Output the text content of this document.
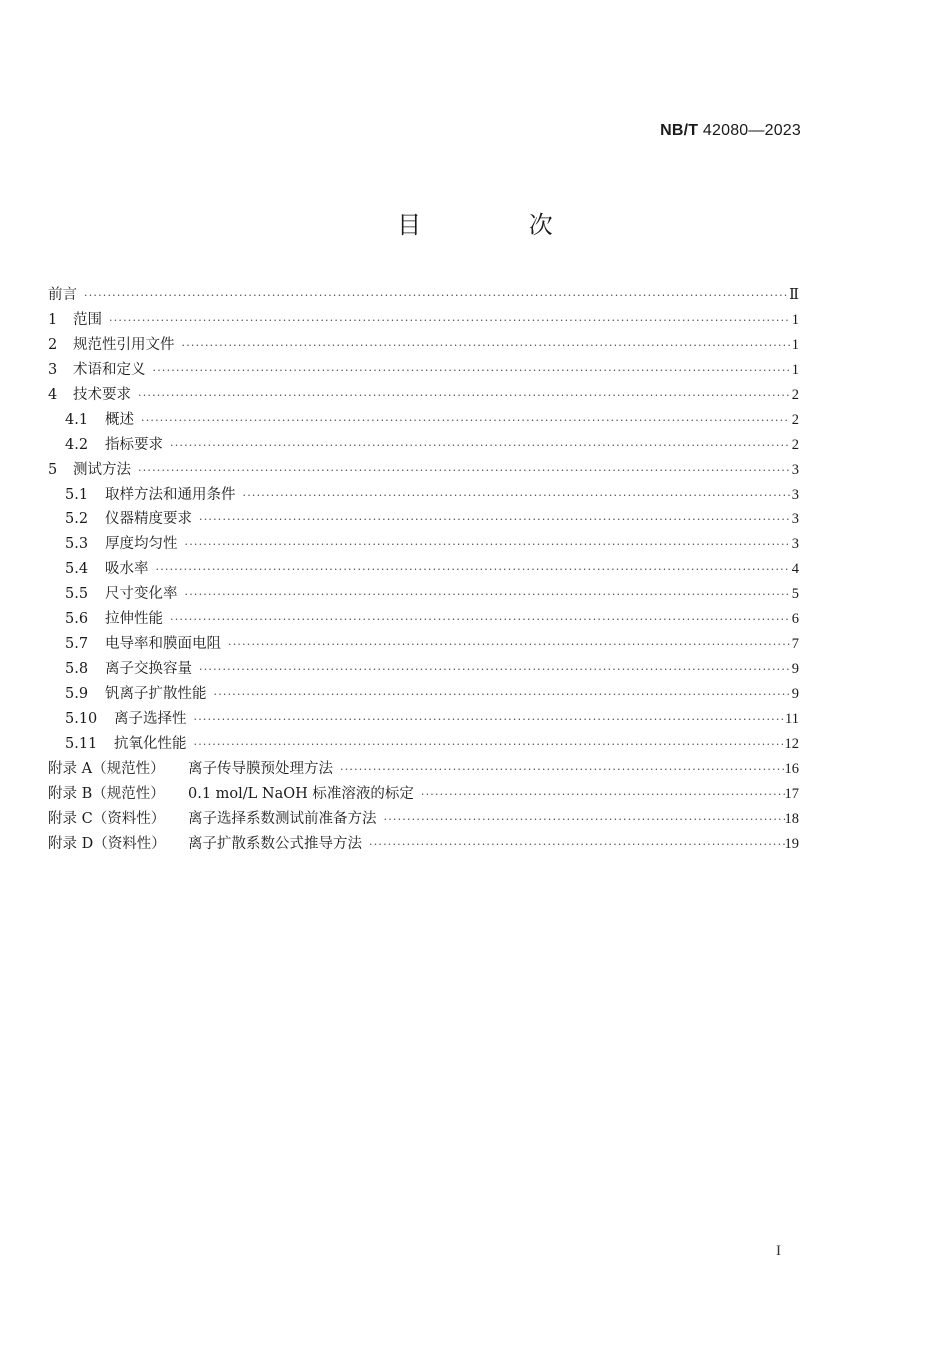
NB/T 42080—2023
目 次
前言 ·····	Ⅱ
1	范围 ·····	1
2	规范性引用文件 ·····	1
3	术语和定义 ·····	1
4	技术要求 ·····	2
4.1	概述 ·····	2
4.2	指标要求 ·····	2
5	测试方法 ·····	3
5.1	取样方法和通用条件 ·····	3
5.2	仪器精度要求 ·····	3
5.3	厚度均匀性 ·····	3
5.4	吸水率 ·····	4
5.5	尺寸变化率 ·····	5
5.6	拉伸性能 ·····	6
5.7	电导率和膜面电阻 ·····	7
5.8	离子交换容量 ·····	9
5.9	钒离子扩散性能 ·····	9
5.10	离子选择性 ·····	11
5.11	抗氧化性能 ·····	12
附录 A（规范性）	离子传导膜预处理方法 ·····	16
附录 B（规范性）	0.1 mol/L NaOH 标准溶液的标定 ·····	17
附录 C（资料性）	离子选择系数测试前准备方法 ·····	18
附录 D（资料性）	离子扩散系数公式推导方法 ·····	19
I
